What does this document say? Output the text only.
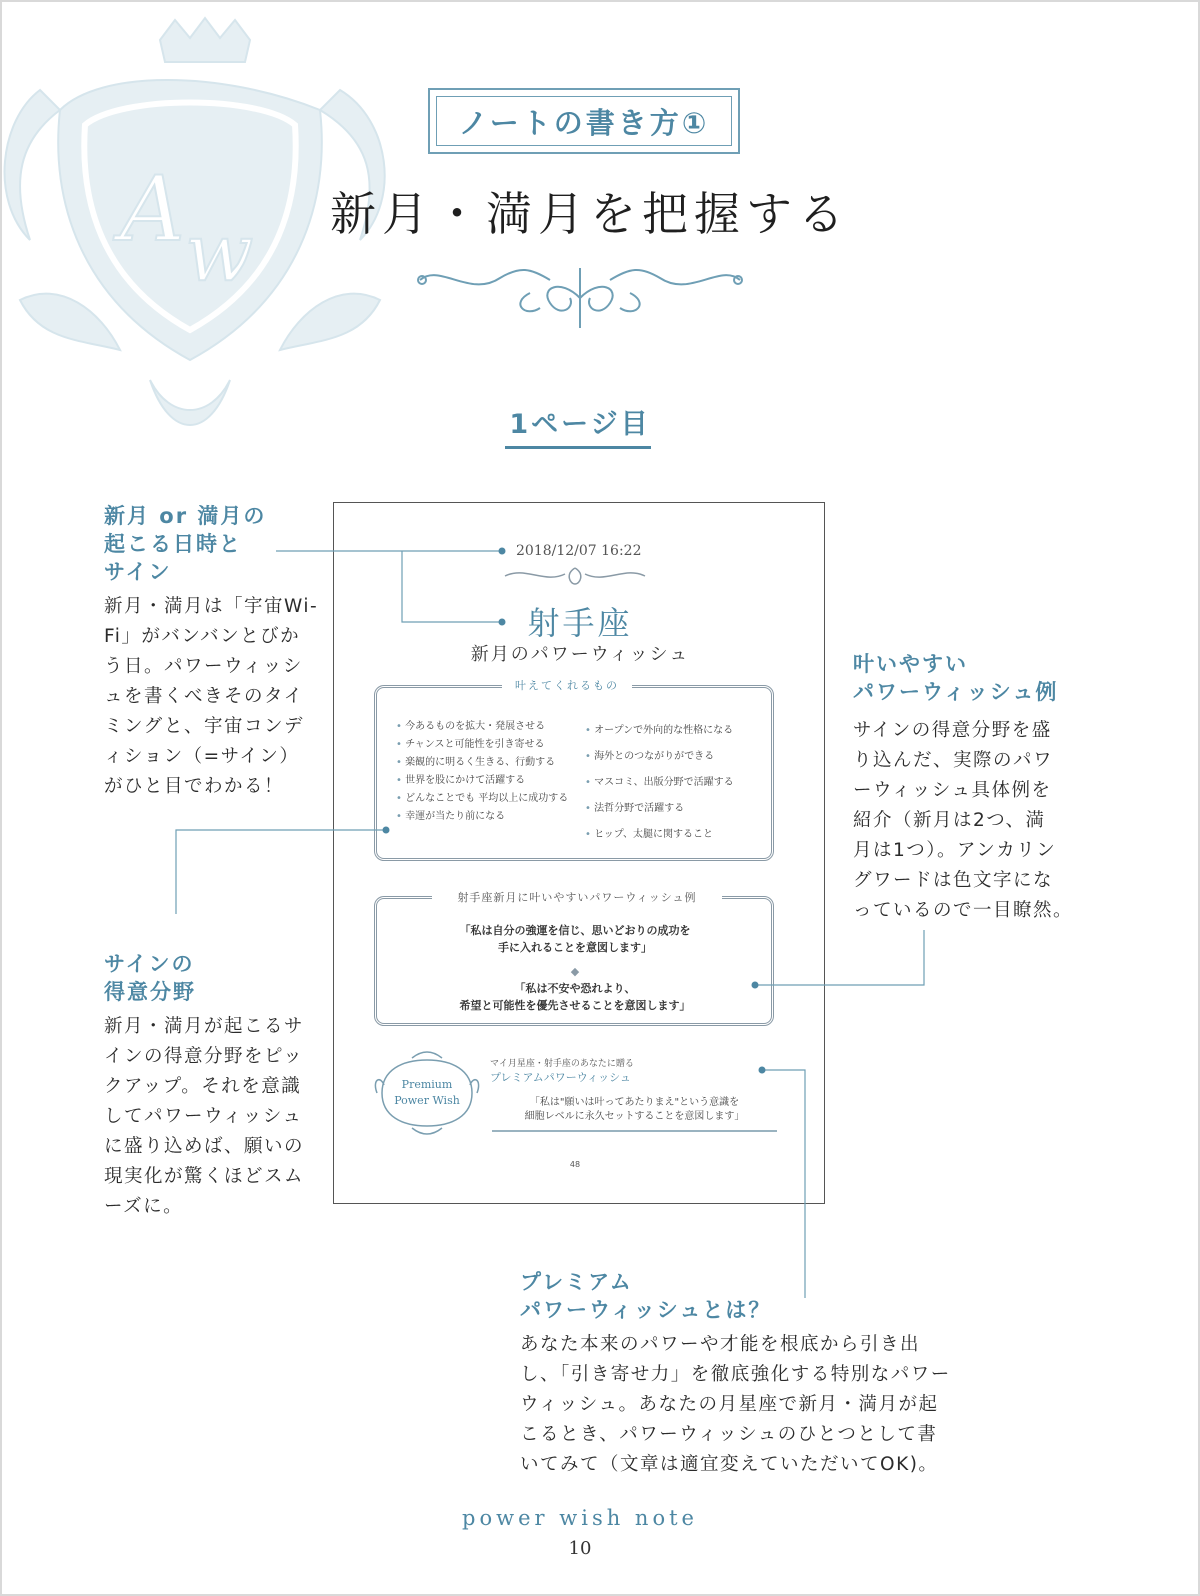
A w
ノートの書き方①
新月・満月を把握する
1ページ目
新月 or 満月の
起こる日時と
サイン
新月・満月は「宇宙Wi-
Fi」がバンバンとびか
う日。パワーウィッシ
ュを書くべきそのタイ
ミングと、宇宙コンデ
ィション（=サイン）
がひと目でわかる！
サインの
得意分野
新月・満月が起こるサ
インの得意分野をピッ
クアップ。それを意識
してパワーウィッシュ
に盛り込めば、願いの
現実化が驚くほどスム
ーズに。
叶いやすい
パワーウィッシュ例
サインの得意分野を盛
り込んだ、実際のパワ
ーウィッシュ具体例を
紹介（新月は2つ、満
月は1つ）。アンカリン
グワードは色文字にな
っているので一目瞭然。
プレミアム
パワーウィッシュとは？
あなた本来のパワーや才能を根底から引き出
し、「引き寄せ力」を徹底強化する特別なパワー
ウィッシュ。あなたの月星座で新月・満月が起
こるとき、パワーウィッシュのひとつとして書
いてみて（文章は適宜変えていただいてOK)。
2018/12/07 16:22
射手座
新月のパワーウィッシュ
叶えてくれるもの
• 今あるものを拡大・発展させる
• チャンスと可能性を引き寄せる
• 楽観的に明るく生きる、行動する
• 世界を股にかけて活躍する
• どんなことでも 平均以上に成功する
• 幸運が当たり前になる
• オープンで外向的な性格になる
• 海外とのつながりができる
• マスコミ、出版分野で活躍する
• 法哲分野で活躍する
• ヒップ、太腿に関すること
射手座新月に叶いやすいパワーウィッシュ例
「私は自分の強運を信じ、思いどおりの成功を
手に入れることを意図します」
◆
「私は不安や恐れより、
希望と可能性を優先させることを意図します」
Premium
Power Wish
マイ月星座・射手座のあなたに贈る
プレミアムパワーウィッシュ
「私は"願いは叶ってあたりまえ"という意識を
細胞レベルに永久セットすることを意図します」
48
power wish note
10
